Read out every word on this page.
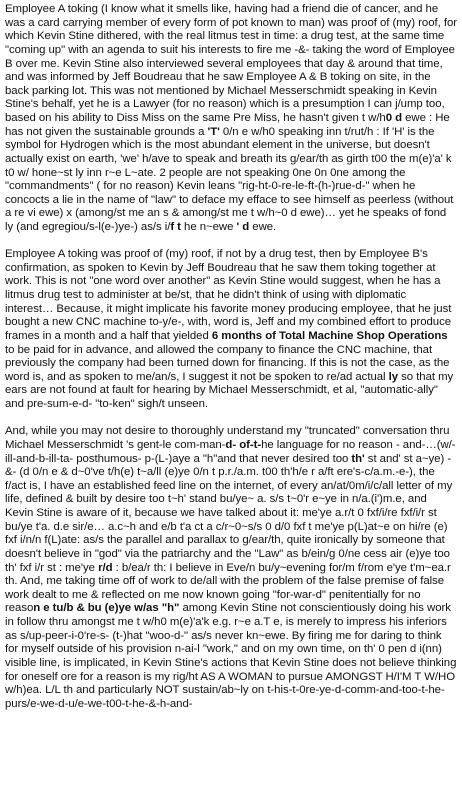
Employee A toking (I know what it smells like, having had a friend die of cancer, and he was a card carrying member of every form of pot known to man) was proof of (my) roof, for which Kevin Stine dithered, with the real litmus test in time: a drug test, at the same time "coming up" with an agenda to suit his interests to fire me -&- taking the word of Employee B over me. Kevin Stine also interviewed several employees that day & around that time, and was informed by Jeff Boudreau that he saw Employee A & B toking on site, in the back parking lot. This was not mentioned by Michael Messerschmidt speaking in Kevin Stine's behalf, yet he is a Lawyer (for no reason) which is a presumption I can j/ump too, based on his ability to Diss Miss on the same Pre Miss, he hasn't given t w/h0 d ewe : He has not given the sustainable grounds a 'T' 0/n e w/h0 speaking inn t/rut/h : If 'H' is the symbol for Hydrogen which is the most abundant element in the universe, but doesn't actually exist on earth, 'we' h/ave to speak and breath its g/ear/th as girth t00 the m(e)'a' k t0 w/ hone~st ly inn r~e L~ate. 2 people are not speaking 0ne 0n 0ne among the "commandments" ( for no reason) Kevin leans "rig-ht-0-re-le-ft-(h-)rue-d-" when he concocts a lie in the name of "law" to deface my efface to see himself as peerless (without a re vi ewe) x (among/st me an s & among/st me t w/h~0 d ewe)… yet he speaks of fond ly (and egregiou/s-l(e-)ye-) as/s i/f t he n~ewe ' d ewe.

Employee A toking was proof of (my) roof, if not by a drug test, then by Employee B's confirmation, as spoken to Kevin by Jeff Boudreau that he saw them toking together at work. This is not "one word over another" as Kevin Stine would suggest, when he has a litmus drug test to administer at be/st, that he didn't think of using with diplomatic interest… Because, it might implicate his favorite money producing employee, that he just bought a new CNC machine to-y/e-, with, word is, Jeff and my combined effort to produce frames in a month and a half that yielded 6 months of Total Machine Shop Operations to be paid for in advance, and allowed the company to finance the CNC machine, that previously the company had been turned down for financing. If this is not the case, as the word is, and as spoken to me/an/s, I suggest it not be spoken to re/ad actual ly so that my ears are not found at fault for hearing by Michael Messerschmidt, et al, "automatic-ally" and pre-sum-e-d- "to-ken" sigh/t unseen.

And, while you may not desire to thoroughly understand my "truncated" conversation thru Michael Messerschmidt 's gent-le com-man-d- of-t-he language for no reason - and-…(w/-ill-and-b-ill-ta- posthumous- p-(L-)aye a "h"and that never desired too th' st and' st a~ye) -&- (d 0/n e & d~0've t/h(e) t~a/ll (e)ye 0/n t p.r./a.m. t00 th'h/e r a/ft ere's-c/a.m.-e-), the f/act is, I have an established feed line on the internet, of every an/at/0m/i/c/all letter of my life, defined & built by desire too t~h' stand bu/ye~ a. s/s t~0'r e~ye in n/a.(i')m.e, and Kevin Stine is aware of it, because we have talked about it: me'ye a.r/t 0 fxf/i/re fxf/i/r st bu/ye t'a. d.e sir/e… a.c~h and e/b t'a ct a c/r~0~s/s 0 d/0 fxf t me'ye p(L)at~e on hi/re (e) fxf i/n/n f(L)ate: as/s the parallel and parallax to g/ear/th, quite ironically by someone that doesn't believe in "god" via the patriarchy and the "Law" as b/ein/g 0/ne cess air (e)ye too th' fxf i/r st : me'ye r/d : b/ea/r th: I believe in Eve/n bu/y~evening for/m f/rom e'ye t'm~ea.r th. And, me taking time off of work to de/all with the problem of the false premise of false work dealt to me & reflected on me now known going "for-war-d" penitentially for no reason e tu/b & bu (e)ye w/as "h" among Kevin Stine not conscientiously doing his work in follow thru amongst me t w/h0 m(e)'a'k e.g. r~e a.T e, is merely to impress his inferiors as s/up-peer-i-0're-s- (t-)hat "woo-d-" as/s never kn~ewe. By firing me for daring to think for myself outside of his provision n-ai-l "work," and on my own time, on th' 0 pen d i(nn) visible line, is implicated, in Kevin Stine's actions that Kevin Stine does not believe thinking for oneself ore for a reason is my rig/ht AS A WOMAN to pursue AMONGST H/I'M T W/HO w/h)ea. L/L th and particularly NOT sustain/ab~ly on t-his-t-0re-ye-d-comm-and-too-t-he-purs/e-we-d-u/e-we-t00-t-he-&-h-and-
